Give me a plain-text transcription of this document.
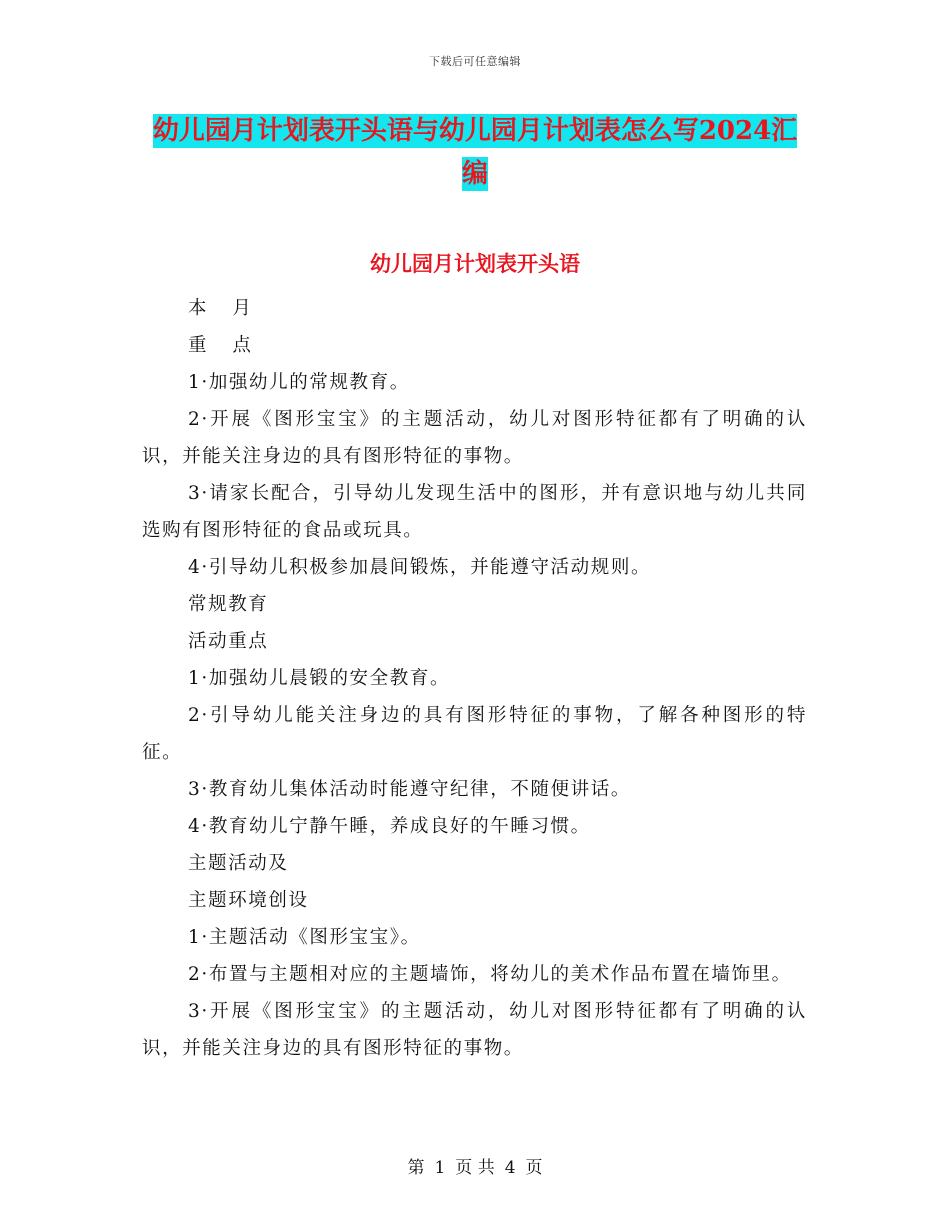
下载后可任意编辑
幼儿园月计划表开头语与幼儿园月计划表怎么写2024汇编
幼儿园月计划表开头语

本 月

重 点

1·加强幼儿的常规教育。

2·开展《图形宝宝》的主题活动，幼儿对图形特征都有了明确的认识，并能关注身边的具有图形特征的事物。

3·请家长配合，引导幼儿发现生活中的图形，并有意识地与幼儿共同选购有图形特征的食品或玩具。

4·引导幼儿积极参加晨间锻炼，并能遵守活动规则。

常规教育

活动重点

1·加强幼儿晨锻的安全教育。

2·引导幼儿能关注身边的具有图形特征的事物，了解各种图形的特征。

3·教育幼儿集体活动时能遵守纪律，不随便讲话。

4·教育幼儿宁静午睡，养成良好的午睡习惯。

主题活动及

主题环境创设

1·主题活动《图形宝宝》。

2·布置与主题相对应的主题墙饰，将幼儿的美术作品布置在墙饰里。

3·开展《图形宝宝》的主题活动，幼儿对图形特征都有了明确的认识，并能关注身边的具有图形特征的事物。

第 1 页 共 4 页
